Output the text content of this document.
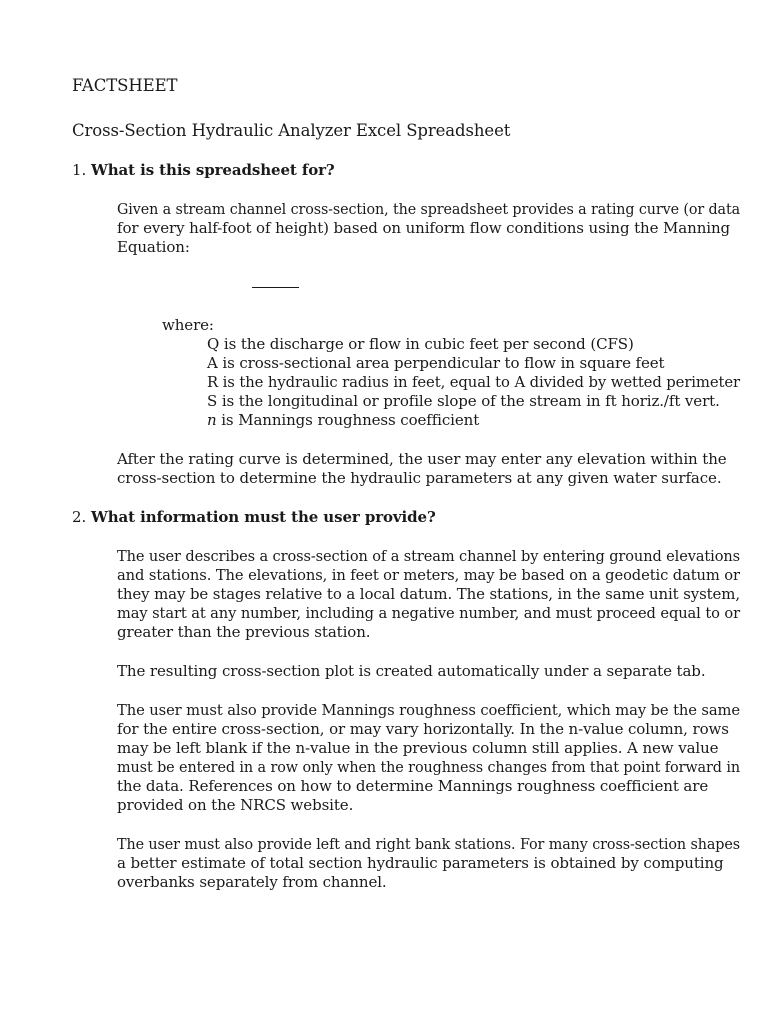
FACTSHEET
Cross-Section Hydraulic Analyzer Excel Spreadsheet
1. What is this spreadsheet for?
Given a stream channel cross-section, the spreadsheet provides a rating curve (or data
for every half-foot of height) based on uniform flow conditions using the Manning
Equation:
where:
Q is the discharge or flow in cubic feet per second (CFS)
A is cross-sectional area perpendicular to flow in square feet
R is the hydraulic radius in feet, equal to A divided by wetted perimeter
S is the longitudinal or profile slope of the stream in ft horiz./ft vert.
n is Mannings roughness coefficient
After the rating curve is determined, the user may enter any elevation within the
cross-section to determine the hydraulic parameters at any given water surface.
2. What information must the user provide?
The user describes a cross-section of a stream channel by entering ground elevations
and stations. The elevations, in feet or meters, may be based on a geodetic datum or
they may be stages relative to a local datum. The stations, in the same unit system,
may start at any number, including a negative number, and must proceed equal to or
greater than the previous station.
The resulting cross-section plot is created automatically under a separate tab.
The user must also provide Mannings roughness coefficient, which may be the same
for the entire cross-section, or may vary horizontally. In the n-value column, rows
may be left blank if the n-value in the previous column still applies. A new value
must be entered in a row only when the roughness changes from that point forward in
the data. References on how to determine Mannings roughness coefficient are
provided on the NRCS website.
The user must also provide left and right bank stations. For many cross-section shapes
a better estimate of total section hydraulic parameters is obtained by computing
overbanks separately from channel.
